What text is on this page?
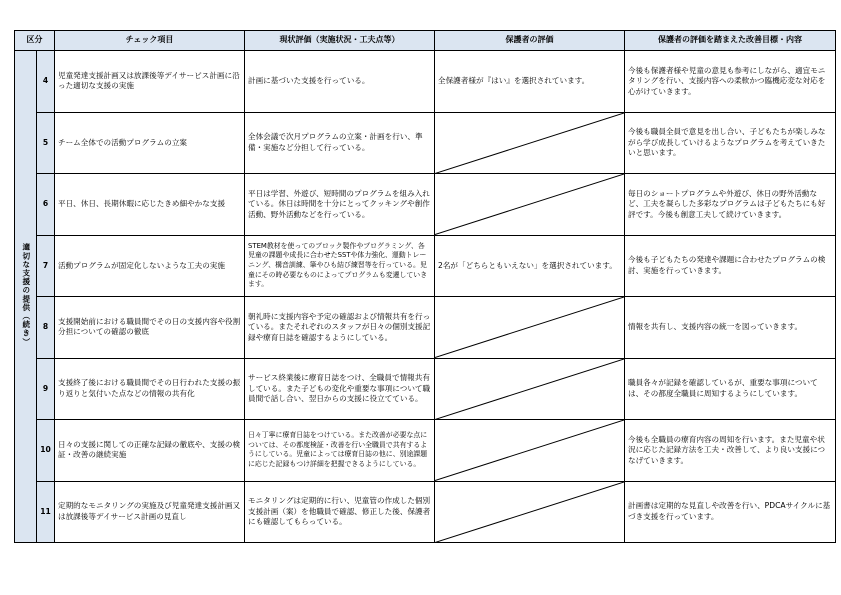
区分		チェック項目	現状評価（実施状況・工夫点等）	保護者の評価	保護者の評価を踏まえた改善目標・内容
適切な支援の提供（続き）	4	児童発達支援計画又は放課後等デイサービス計画に沿った適切な支援の実施	計画に基づいた支援を行っている。	全保護者様が『はい』を選択されています。	今後も保護者様や児童の意見も参考にしながら、適宜モニタリングを行い、支援内容への柔軟かつ臨機応変な対応を心がけていきます。
	5	チーム全体での活動プログラムの立案	全体会議で次月プログラムの立案・計画を行い、準備・実施など分担して行っている。		今後も職員全員で意見を出し合い、子どもたちが楽しみながら学び成長していけるようなプログラムを考えていきたいと思います。
	6	平日、休日、長期休暇に応じたきめ細やかな支援	平日は学習、外遊び、短時間のプログラムを組み入れている。休日は時間を十分にとってクッキングや創作活動、野外活動などを行っている。		毎日のショートプログラムや外遊び、休日の野外活動など、工夫を凝らした多彩なプログラムは子どもたちにも好評です。今後も創意工夫して続けていきます。
	7	活動プログラムが固定化しないような工夫の実施	STEM教材を使ってのブロック製作やプログラミング、各児童の課題や成長に合わせたSSTや体力強化、運動トレーニング、構音訓練、筆やひも結び練習等を行っている。児童にその時必要なものによってプログラムも変遷していきます。	2名が「どちらともいえない」を選択されています。	今後も子どもたちの発達や課題に合わせたプログラムの検討、実施を行っていきます。
	8	支援開始前における職員間でその日の支援内容や役割分担についての確認の徹底	朝礼時に支援内容や予定の確認および情報共有を行っている。またそれぞれのスタッフが日々の個別支援記録や療育日誌を確認するようにしている。		情報を共有し、支援内容の統一を図っていきます。
	9	支援終了後における職員間でその日行われた支援の振り返りと気付いた点などの情報の共有化	サービス終業後に療育日誌をつけ、全職員で情報共有している。また子どもの変化や重要な事項について職員間で話し合い、翌日からの支援に役立てている。		職員各々が記録を確認しているが、重要な事項については、その都度全職員に周知するようにしています。
	10	日々の支援に関しての正確な記録の徹底や、支援の検証・改善の継続実施	日々丁寧に療育日誌をつけている。また改善が必要な点については、その都度検証・改善を行い全職員で共有するようにしている。児童によっては療育日誌の他に、別途課題に応じた記録もつけ詳細を把握できるようにしている。		今後も全職員の療育内容の周知を行います。また児童や状況に応じた記録方法を工夫・改善して、より良い支援につなげていきます。
	11	定期的なモニタリングの実施及び児童発達支援計画又は放課後等デイサービス計画の見直し	モニタリングは定期的に行い、児童管の作成した個別支援計画（案）を他職員で確認、修正した後、保護者にも確認してもらっている。		計画書は定期的な見直しや改善を行い、PDCAサイクルに基づき支援を行っています。
